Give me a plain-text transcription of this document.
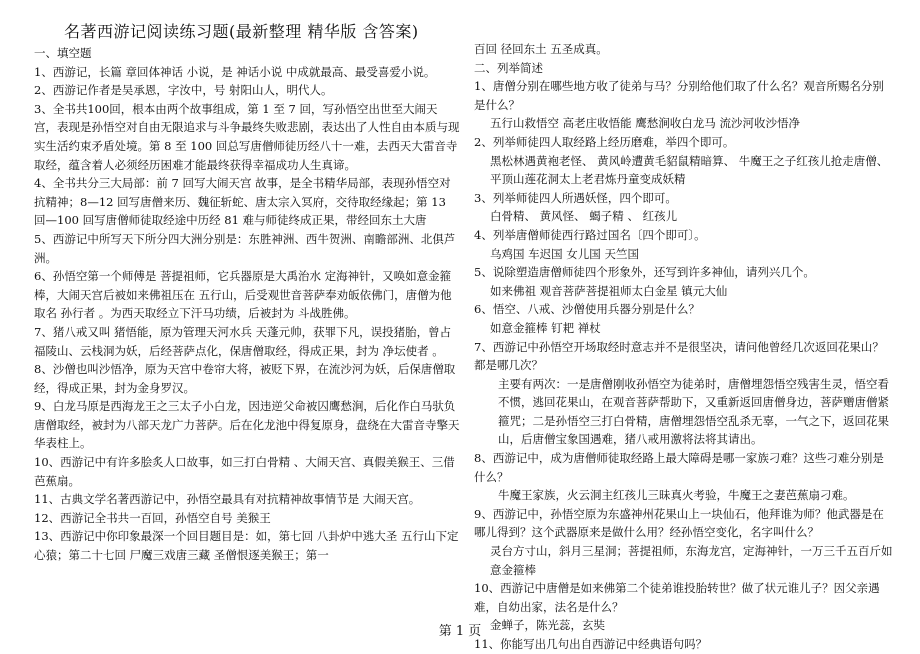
名著西游记阅读练习题(最新整理 精华版 含答案)

一、填空题

1、西游记，长篇 章回体神话 小说，是 神话小说 中成就最高、最受喜爱小说。

2、西游记作者是吴承恩，字汝中，号 射阳山人，明代人。

3、全书共100回，根本由两个故事组成，第 1 至 7 回，写孙悟空出世至大闹天宫，表现是孙悟空对自由无限追求与斗争最终失败悲剧，表达出了人性自由本质与现实生活约束矛盾处境。第 8 至 100 回总写唐僧师徒历经八十一难，去西天大雷音寺取经，蕴含着人必须经历困难才能最终获得幸福成功人生真谛。

4、全书共分三大局部：前 7 回写大闹天宫 故事，是全书精华局部，表现孙悟空对抗精神；8—12 回写唐僧来历、魏征斩蛇、唐太宗入冥府，交待取经缘起；第 13 回—100 回写唐僧师徒取经途中历经 81 难与师徒终成正果，带经回东土大唐

5、西游记中所写天下所分四大洲分别是：东胜神洲、西牛贺洲、南瞻部洲、北俱芦洲。

6、孙悟空第一个师傅是 菩提祖师，它兵器原是大禹治水 定海神针，又唤如意金箍棒，大闹天宫后被如来佛祖压在 五行山，后受观世音菩萨奉劝皈依佛门，唐僧为他取名 孙行者 。为西天取经立下汗马功绩，后被封为 斗战胜佛。

7、猪八戒又叫 猪悟能，原为管理天河水兵 天蓬元帅，获罪下凡，误投猪胎，曾占福陵山、云栈洞为妖，后经菩萨点化，保唐僧取经，得成正果，封为 净坛使者 。

8、沙僧也叫沙悟净，原为天宫中卷帘大将，被贬下界，在流沙河为妖，后保唐僧取经，得成正果，封为金身罗汉。

9、白龙马原是西海龙王之三太子小白龙，因违逆父命被囚鹰愁涧，后化作白马驮负唐僧取经，被封为八部天龙广力菩萨。后在化龙池中得复原身，盘绕在大雷音寺擎天华表柱上。

10、西游记中有许多脍炙人口故事，如三打白骨精 、大闹天宫、真假美猴王、三借芭蕉扇。

11、古典文学名著西游记中，孙悟空最具有对抗精神故事情节是 大闹天宫。

12、西游记全书共一百回，孙悟空自号 美猴王

13、西游记中你印象最深一个回目题目是：如，第七回 八卦炉中逃大圣 五行山下定心猿；第二十七回 尸魔三戏唐三藏 圣僧恨逐美猴王；第一

百回 径回东土 五圣成真。

二、列举简述

1、唐僧分别在哪些地方收了徒弟与马？分别给他们取了什么名？观音所赐名分别是什么？

五行山救悟空 高老庄收悟能 鹰愁涧收白龙马 流沙河收沙悟净

2、列举师徒四人取经路上经历磨难，举四个即可。

黑松林遇黄袍老怪、 黄风岭遭黄毛貂鼠精暗算、 牛魔王之子红孩儿抢走唐僧、

平顶山莲花洞太上老君炼丹童变成妖精

3、列举师徒四人所遇妖怪，四个即可。

白骨精、 黄风怪、 蝎子精 、 红孩儿

4、列举唐僧师徒西行路过国名〔四个即可〕。

乌鸡国 车迟国 女儿国 天竺国

5、说除塑造唐僧师徒四个形象外，还写到许多神仙，请列兴几个。

如来佛祖 观音菩萨菩提祖师太白金星 镇元大仙

6、悟空、八戒、沙僧使用兵器分别是什么？

如意金箍棒 钉耙 禅杖

7、西游记中孙悟空开场取经时意志并不是很坚决，请问他曾经几次返回花果山？都是哪几次？

主要有两次：一是唐僧刚收孙悟空为徒弟时，唐僧埋怨悟空残害生灵，悟空看不惯，逃回花果山，在观音菩萨帮助下，又重新返回唐僧身边，菩萨赠唐僧紧箍咒；二是孙悟空三打白骨精，唐僧埋怨悟空乱杀无辜，一气之下，返回花果山，后唐僧宝象国遇难，猪八戒用激将法将其请出。

8、西游记中，成为唐僧师徒取经路上最大障碍是哪一家族刁难？这些刁难分别是什么？

牛魔王家族，火云洞主红孩儿三昧真火考验，牛魔王之妻芭蕉扇刁难。

9、西游记中，孙悟空原为东盛神州花果山上一块仙石，他拜谁为师？他武器是在哪儿得到？这个武器原来是做什么用？经孙悟空变化，名字叫什么？

灵台方寸山，斜月三星洞；菩提祖师，东海龙宫，定海神针，一万三千五百斤如意金箍棒

10、西游记中唐僧是如来佛第二个徒弟谁投胎转世？做了状元谁儿子？因父亲遇难，自幼出家，法名是什么？

金蝉子，陈光蕊，玄奘

11、你能写出几句出自西游记中经典语句吗？

第 1 页
